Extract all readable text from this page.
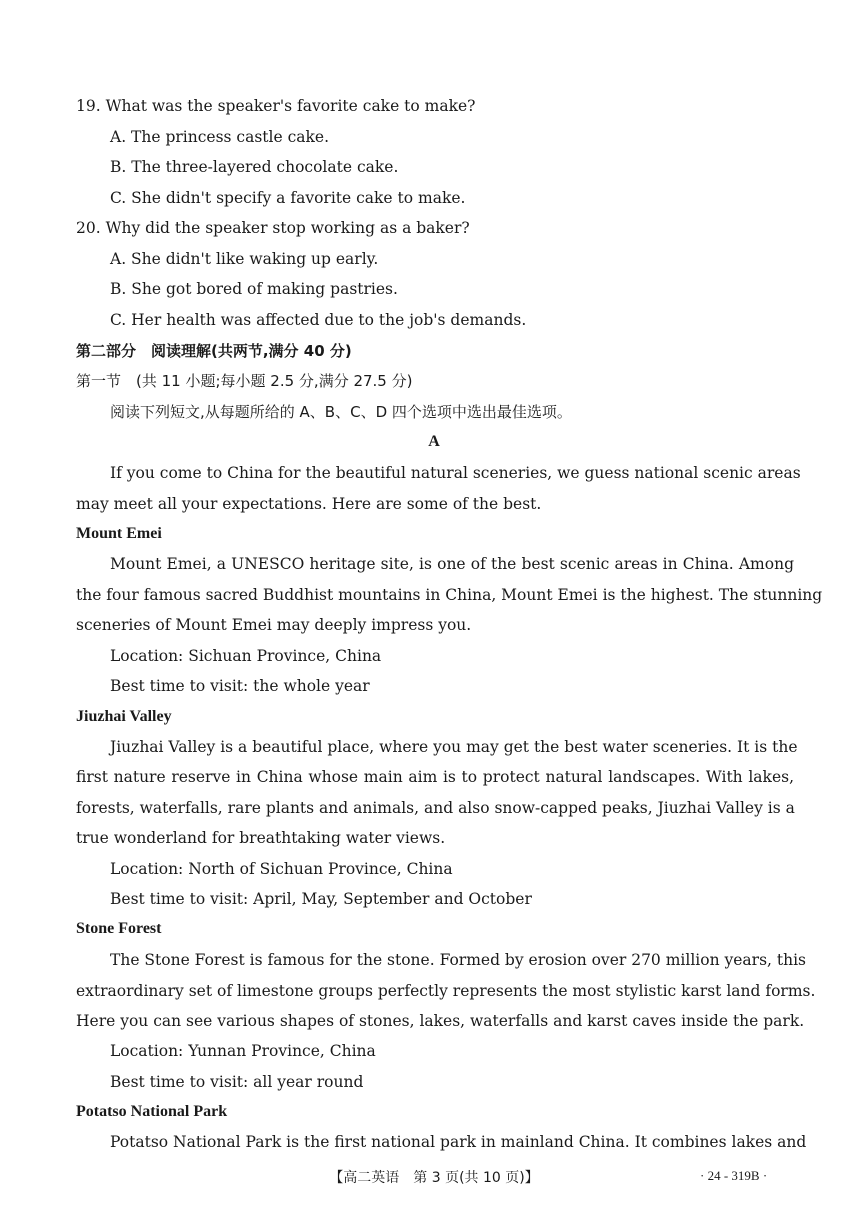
19. What was the speaker's favorite cake to make?
A. The princess castle cake.
B. The three-layered chocolate cake.
C. She didn't specify a favorite cake to make.
20. Why did the speaker stop working as a baker?
A. She didn't like waking up early.
B. She got bored of making pastries.
C. Her health was affected due to the job's demands.
第二部分　阅读理解(共两节,满分 40 分)
第一节　(共 11 小题;每小题 2.5 分,满分 27.5 分)
阅读下列短文,从每题所给的 A、B、C、D 四个选项中选出最佳选项。
A
If you come to China for the beautiful natural sceneries, we guess national scenic areas
may meet all your expectations. Here are some of the best.
Mount Emei
Mount Emei, a UNESCO heritage site, is one of the best scenic areas in China. Among
the four famous sacred Buddhist mountains in China, Mount Emei is the highest. The stunning
sceneries of Mount Emei may deeply impress you.
Location: Sichuan Province, China
Best time to visit: the whole year
Jiuzhai Valley
Jiuzhai Valley is a beautiful place, where you may get the best water sceneries. It is the
first nature reserve in China whose main aim is to protect natural landscapes. With lakes,
forests, waterfalls, rare plants and animals, and also snow-capped peaks, Jiuzhai Valley is a
true wonderland for breathtaking water views.
Location: North of Sichuan Province, China
Best time to visit: April, May, September and October
Stone Forest
The Stone Forest is famous for the stone. Formed by erosion over 270 million years, this
extraordinary set of limestone groups perfectly represents the most stylistic karst land forms.
Here you can see various shapes of stones, lakes, waterfalls and karst caves inside the park.
Location: Yunnan Province, China
Best time to visit: all year round
Potatso National Park
Potatso National Park is the first national park in mainland China. It combines lakes and
【高二英语　第 3 页(共 10 页)】	· 24 - 319B ·
